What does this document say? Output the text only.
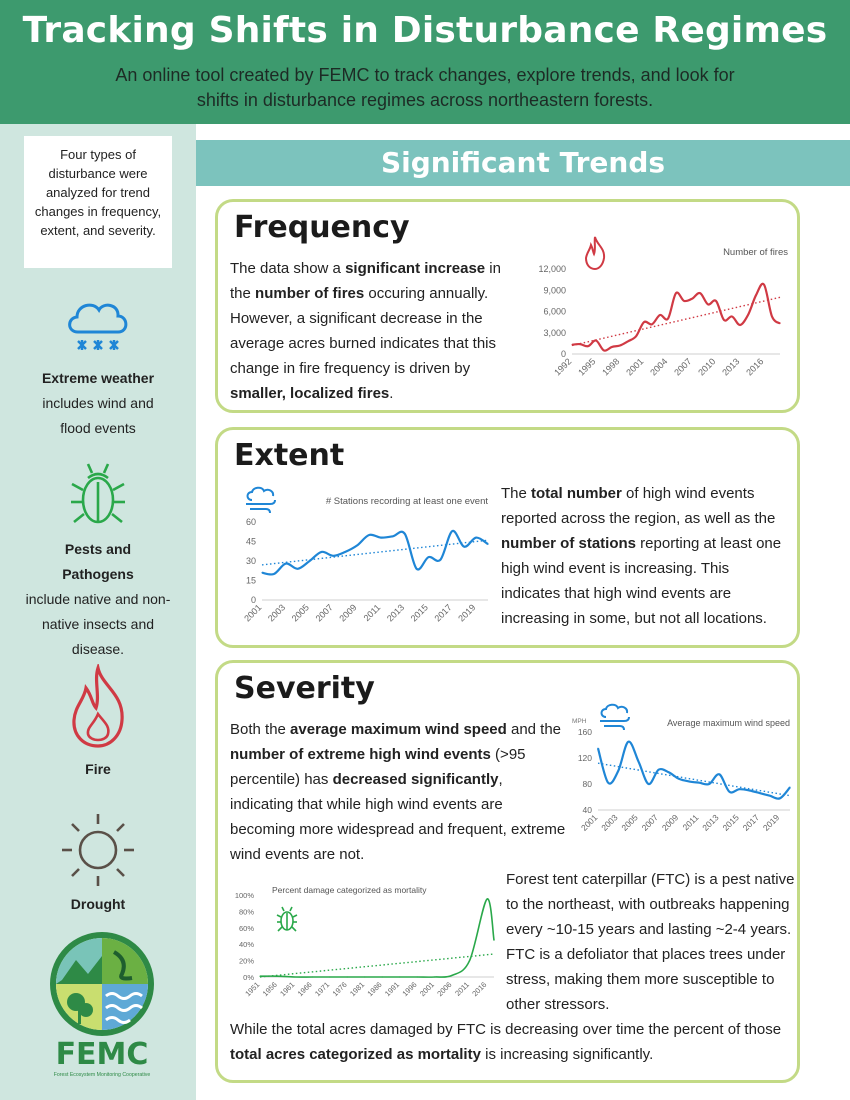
Tracking Shifts in Disturbance Regimes

An online tool created by FEMC to track changes, explore trends, and look for shifts in disturbance regimes across northeastern forests.

Four types of disturbance were analyzed for trend changes in frequency, extent, and severity.
Extreme weather
includes wind and flood events
Pests and Pathogens include native and non-native insects and disease.
Fire
Drought
FEMC
Forest Ecosystem Monitoring Cooperative
Significant Trends
Frequency
The data show a significant increase in the number of fires occuring annually. However, a significant decrease in the average acres burned indicates that this change in fire frequency is driven by smaller, localized fires.
Number of fires
0
3,000
6,000
9,000
12,000
1992 1995 1998 2001 2004 2007 2010 2013 2016
Extent
# Stations recording at least one event
0
15
30
45
60
2001 2003 2005 2007 2009 2011 2013 2015 2017 2019
The total number of high wind events reported across the region, as well as the number of stations reporting at least one high wind event is increasing. This indicates that high wind events are increasing in some, but not all locations.
Severity
Both the average maximum wind speed and the number of extreme high wind events (>95 percentile) has decreased significantly, indicating that while high wind events are becoming more widespread and frequent, extreme wind events are not.
Average maximum wind speed
MPH
40
80
120
160
2001 2003 2005 2007 2009 2011 2013 2015 2017 2019
Percent damage categorized as mortality
0%
20%
40%
60%
80%
100%
1951 1956 1961 1966 1971 1976 1981 1986 1991 1996 2001 2006 2011 2016
Forest tent caterpillar (FTC) is a pest native to the northeast, with outbreaks happening every ~10-15 years and lasting ~2-4 years. FTC is a defoliator that places trees under stress, making them more susceptible to other stressors.
While the total acres damaged by FTC is decreasing over time the percent of those total acres categorized as mortality is increasing significantly.
